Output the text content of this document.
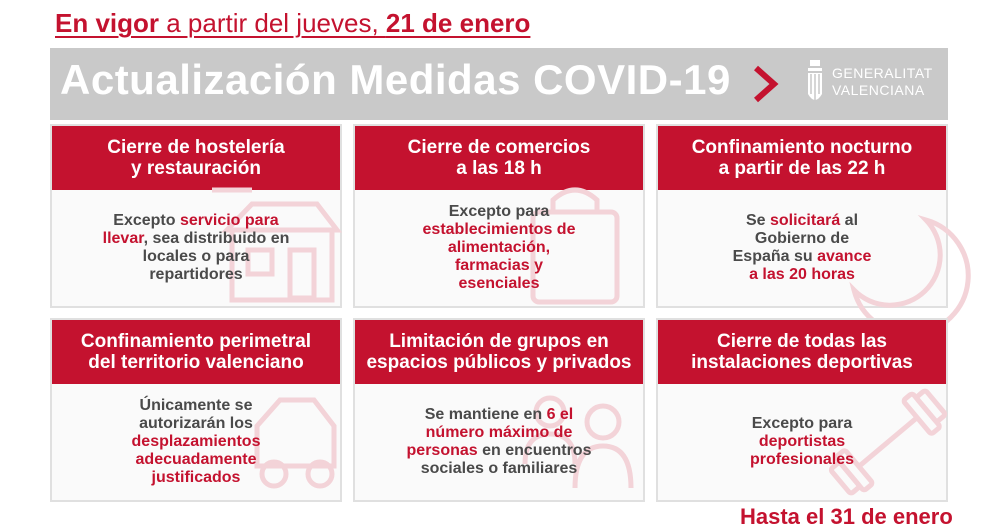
En vigor a partir del jueves, 21 de enero
Actualización Medidas COVID-19	GENERALITAT
VALENCIANA
Cierre de hostelería
y restauración
Excepto servicio para
llevar, sea distribuido en
locales o para
repartidores
Cierre de comercios
a las 18 h
Excepto para
establecimientos de
alimentación,
farmacias y
esenciales
Confinamiento nocturno
a partir de las 22 h
Se solicitará al
Gobierno de
España su avance
a las 20 horas
Confinamiento perimetral
del territorio valenciano
Únicamente se
autorizarán los
desplazamientos
adecuadamente
justificados
Limitación de grupos en
espacios públicos y privados
Se mantiene en 6 el
número máximo de
personas en encuentros
sociales o familiares
Cierre de todas las
instalaciones deportivas
Excepto para
deportistas
profesionales
Hasta el 31 de enero
